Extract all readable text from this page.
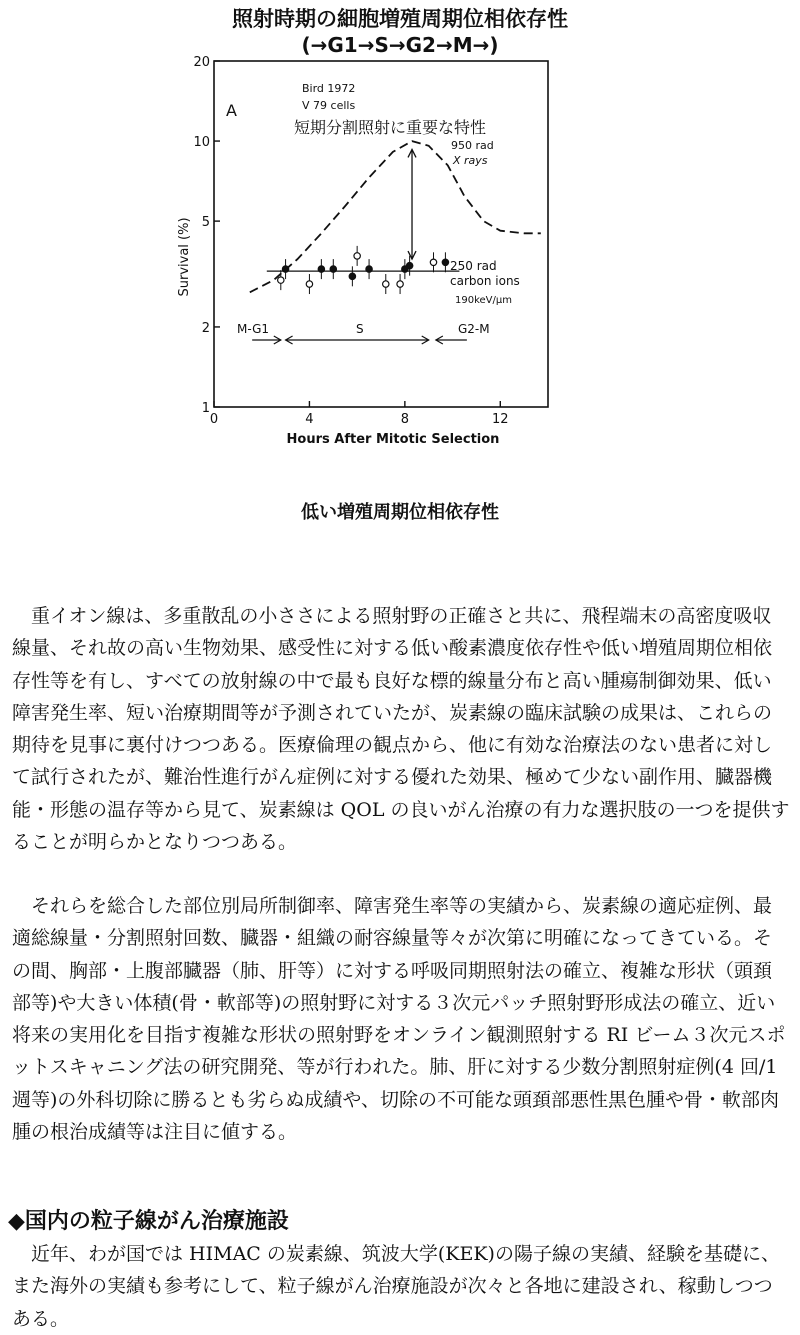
照射時期の細胞増殖周期位相依存性
(→G1→S→G2→M→)
0	4	8	12
1
2
5
10
20
A
Bird 1972
V 79 cells
短期分割照射に重要な特性
190keV/μm
950 rad
X rays
250 rad
carbon ions
M-G1	S	G2-M
Hours After Mitotic Selection
Survival (%)

低い増殖周期位相依存性

重イオン線は、多重散乱の小ささによる照射野の正確さと共に、飛程端末の高密度吸収線量、それ故の高い生物効果、感受性に対する低い酸素濃度依存性や低い増殖周期位相依存性等を有し、すべての放射線の中で最も良好な標的線量分布と高い腫瘍制御効果、低い障害発生率、短い治療期間等が予測されていたが、炭素線の臨床試験の成果は、これらの期待を見事に裏付けつつある。医療倫理の観点から、他に有効な治療法のない患者に対して試行されたが、難治性進行がん症例に対する優れた効果、極めて少ない副作用、臓器機能・形態の温存等から見て、炭素線は QOL の良いがん治療の有力な選択肢の一つを提供することが明らかとなりつつある。

それらを総合した部位別局所制御率、障害発生率等の実績から、炭素線の適応症例、最適総線量・分割照射回数、臓器・組織の耐容線量等々が次第に明確になってきている。その間、胸部・上腹部臓器（肺、肝等）に対する呼吸同期照射法の確立、複雑な形状（頭頚部等)や大きい体積(骨・軟部等)の照射野に対する３次元パッチ照射野形成法の確立、近い将来の実用化を目指す複雑な形状の照射野をオンライン観測照射する RI ビーム３次元スポットスキャニング法の研究開発、等が行われた。肺、肝に対する少数分割照射症例(4 回/1 週等)の外科切除に勝るとも劣らぬ成績や、切除の不可能な頭頚部悪性黒色腫や骨・軟部肉腫の根治成績等は注目に値する。

◆国内の粒子線がん治療施設

近年、わが国では HIMAC の炭素線、筑波大学(KEK)の陽子線の実績、経験を基礎に、また海外の実績も参考にして、粒子線がん治療施設が次々と各地に建設され、稼動しつつある。
